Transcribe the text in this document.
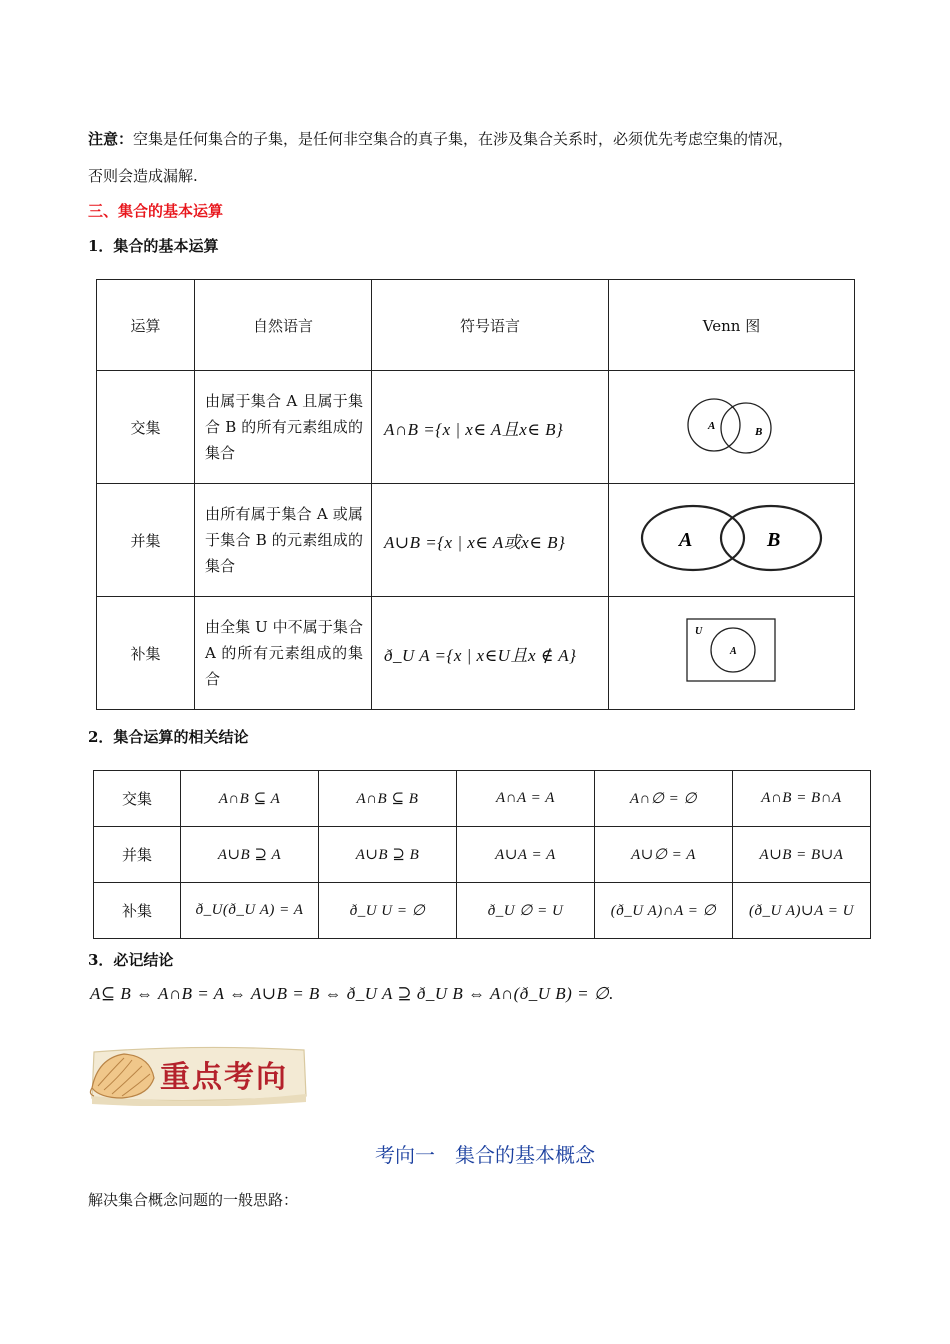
注意：空集是任何集合的子集，是任何非空集合的真子集，在涉及集合关系时，必须优先考虑空集的情况，
否则会造成漏解.
三、集合的基本运算
1．集合的基本运算
运算	自然语言	符号语言	Venn 图
交集	由属于集合 A 且属于集合 B 的所有元素组成的集合	A∩B ={x | x∈ A且x∈ B}	A B

并集	由所有属于集合 A 或属于集合 B 的元素组成的集合	A∪B ={x | x∈ A或x∈ B}	A B

补集	由全集 U 中不属于集合 A 的所有元素组成的集合	ð_U A ={x | x∈U且x ∉ A}	U
A
2．集合运算的相关结论
交集	A∩B ⊆ A	A∩B ⊆ B	A∩A = A	A∩∅ = ∅	A∩B = B∩A
并集	A∪B ⊇ A	A∪B ⊇ B	A∪A = A	A∪∅ = A	A∪B = B∪A
补集	ð_U(ð_U A) = A	ð_U U = ∅	ð_U ∅ = U	(ð_U A)∩A = ∅	(ð_U A)∪A = U
3．必记结论
A⊆ B ⇔ A∩B = A ⇔ A∪B = B ⇔ ð_U A ⊇ ð_U B ⇔ A∩(ð_U B) = ∅.
重点考向
考向一　集合的基本概念
解决集合概念问题的一般思路：
